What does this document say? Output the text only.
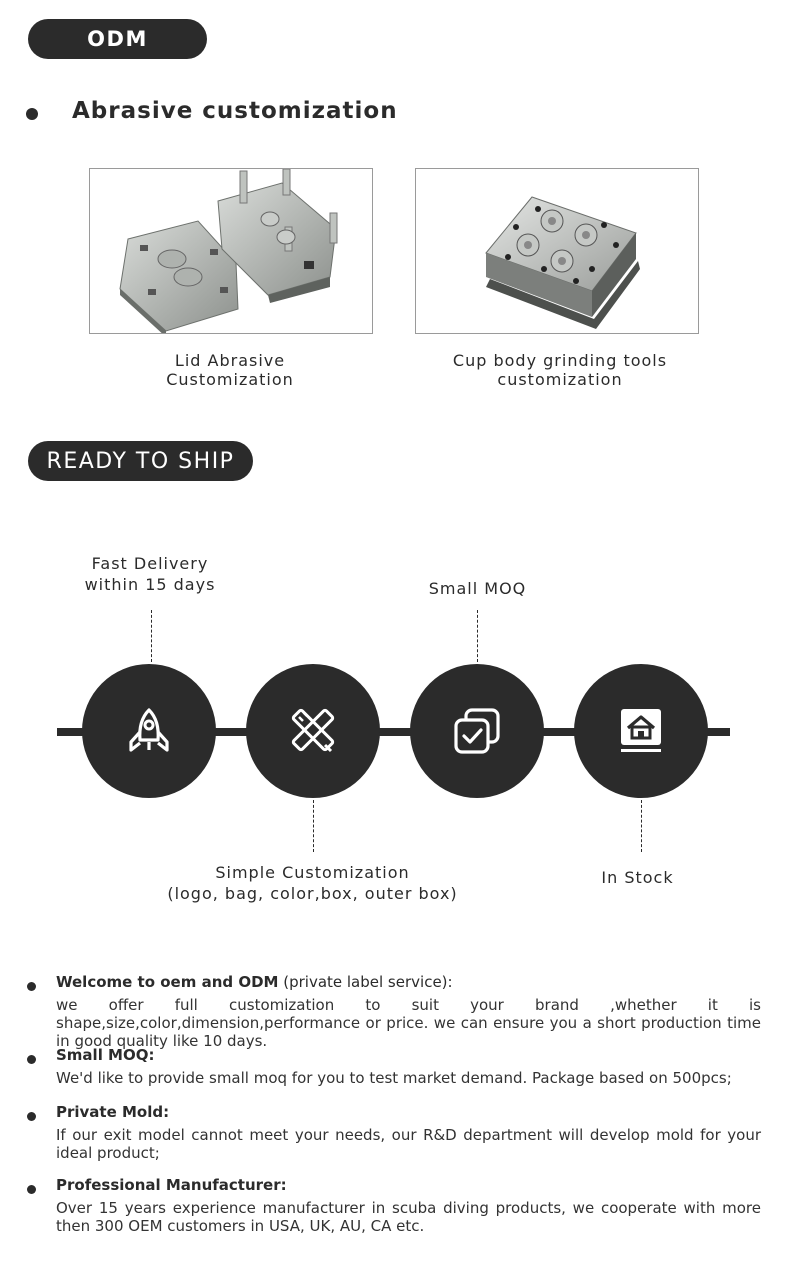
ODM
Abrasive customization
Lid Abrasive
Customization
Cup body grinding tools
customization
READY TO SHIP
Fast Delivery
within 15 days	Small MOQ
Simple Customization
(logo, bag, color,box, outer box)
In Stock
Welcome to oem and ODM (private label service):
we offer full customization to suit your brand ,whether it is shape,size,color,dimension,performance or price. we can ensure you a short production time in good quality like 10 days.
Small MOQ:
We'd like to provide small moq for you to test market demand. Package based on 500pcs;
Private Mold:
If our exit model cannot meet your needs, our R&D department will develop mold for your ideal product;
Professional Manufacturer:
Over 15 years experience manufacturer in scuba diving products, we cooperate with more then 300 OEM customers in USA, UK, AU, CA etc.
